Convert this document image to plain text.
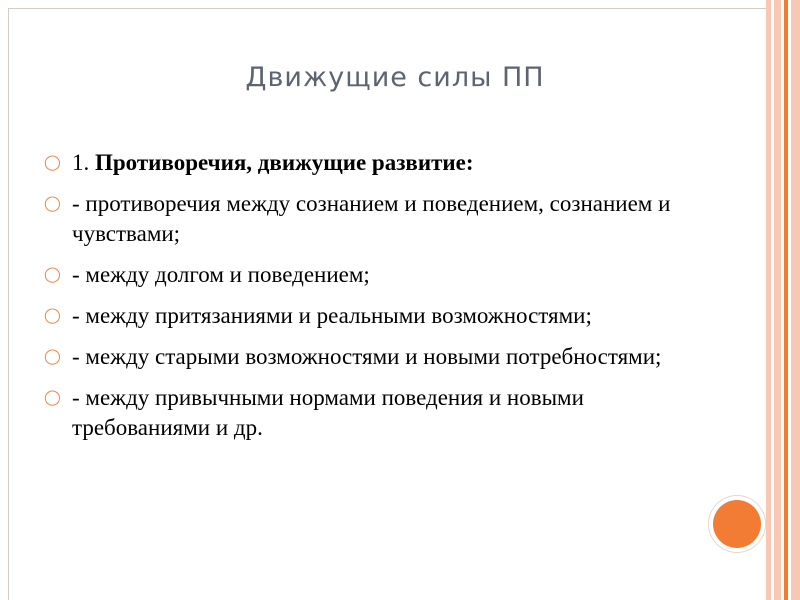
Движущие силы ПП
◯ 1. Противоречия, движущие развитие:
◯ - противоречия между сознанием и поведением, сознанием и чувствами;
◯ - между долгом и поведением;
◯ - между притязаниями и реальными возможностями;
◯ - между старыми возможностями и новыми потребностями;
◯ - между привычными нормами поведения и новыми требованиями и др.
